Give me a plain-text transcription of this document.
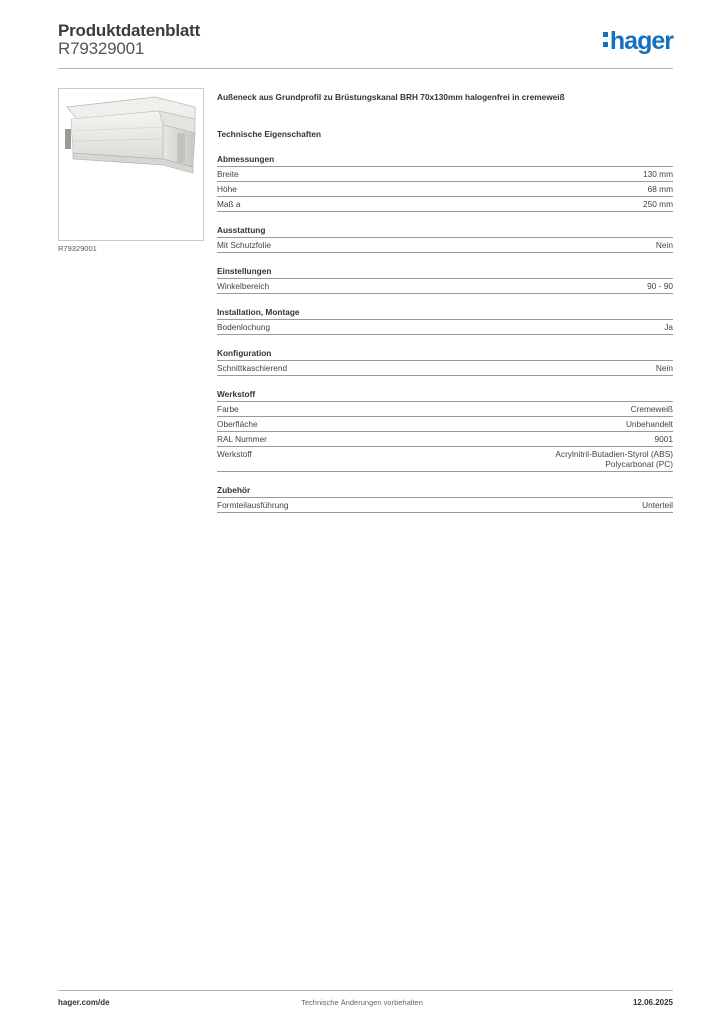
Produktdatenblatt
R79329001	hager
R79329001
Außeneck aus Grundprofil zu Brüstungskanal BRH 70x130mm halogenfrei in cremeweiß
Technische Eigenschaften
Abmessungen
Breite	130 mm
Höhe	68 mm
Maß a	250 mm
Ausstattung
Mit Schutzfolie	Nein
Einstellungen
Winkelbereich	90 - 90
Installation, Montage
Bodenlochung	Ja
Konfiguration
Schnittkaschierend	Nein
Werkstoff
Farbe	Cremeweiß
Oberfläche	Unbehandelt
RAL Nummer	9001
Werkstoff	Acrylnitril-Butadien-Styrol (ABS)
Polycarbonat (PC)
Zubehör
Formteilausführung	Unterteil
hager.com/de	Technische Änderungen vorbehalten	12.06.2025
